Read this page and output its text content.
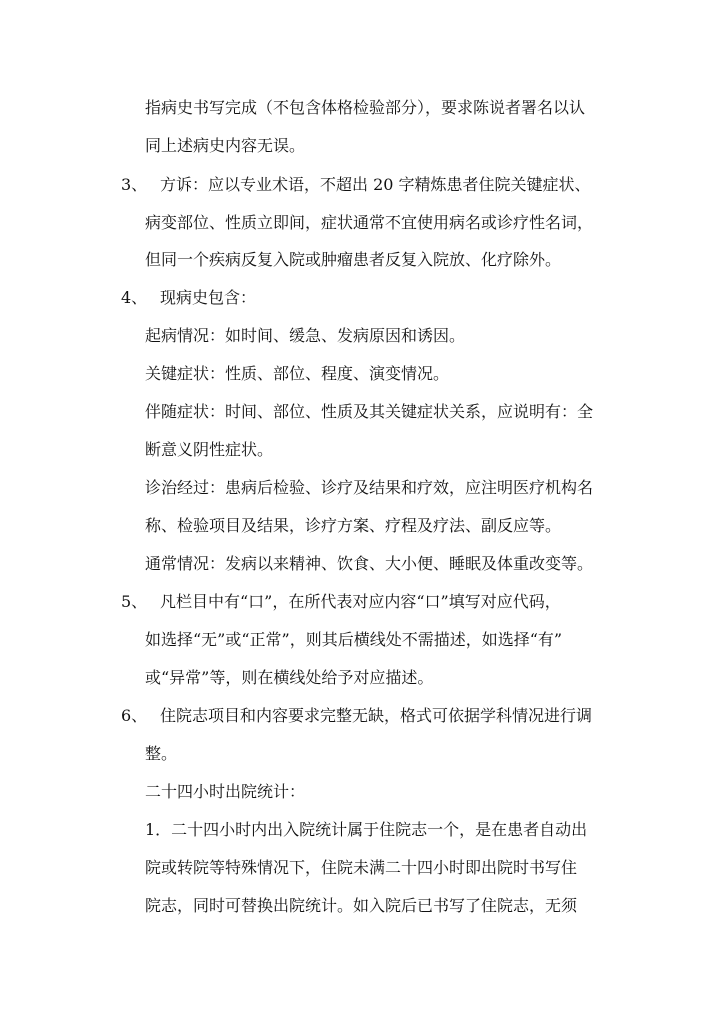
指病史书写完成（不包含体格检验部分），要求陈说者署名以认

同上述病史内容无误。

3、 方诉：应以专业术语，不超出 20 字精炼患者住院关键症状、

病变部位、性质立即间，症状通常不宜使用病名或诊疗性名词，

但同一个疾病反复入院或肿瘤患者反复入院放、化疗除外。

4、 现病史包含：

起病情况：如时间、缓急、发病原因和诱因。

关键症状：性质、部位、程度、演变情况。

伴随症状：时间、部位、性质及其关键症状关系，应说明有：全

断意义阴性症状。

诊治经过：患病后检验、诊疗及结果和疗效，应注明医疗机构名

称、检验项目及结果，诊疗方案、疗程及疗法、副反应等。

通常情况：发病以来精神、饮食、大小便、睡眠及体重改变等。

5、 凡栏目中有“口”，在所代表对应内容“口”填写对应代码，

如选择“无”或“正常”，则其后横线处不需描述，如选择“有”

或“异常”等，则在横线处给予对应描述。

6、 住院志项目和内容要求完整无缺，格式可依据学科情况进行调

整。

二十四小时出院统计：

1．二十四小时内出入院统计属于住院志一个，是在患者自动出

院或转院等特殊情况下，住院未满二十四小时即出院时书写住

院志，同时可替换出院统计。如入院后已书写了住院志，无须
